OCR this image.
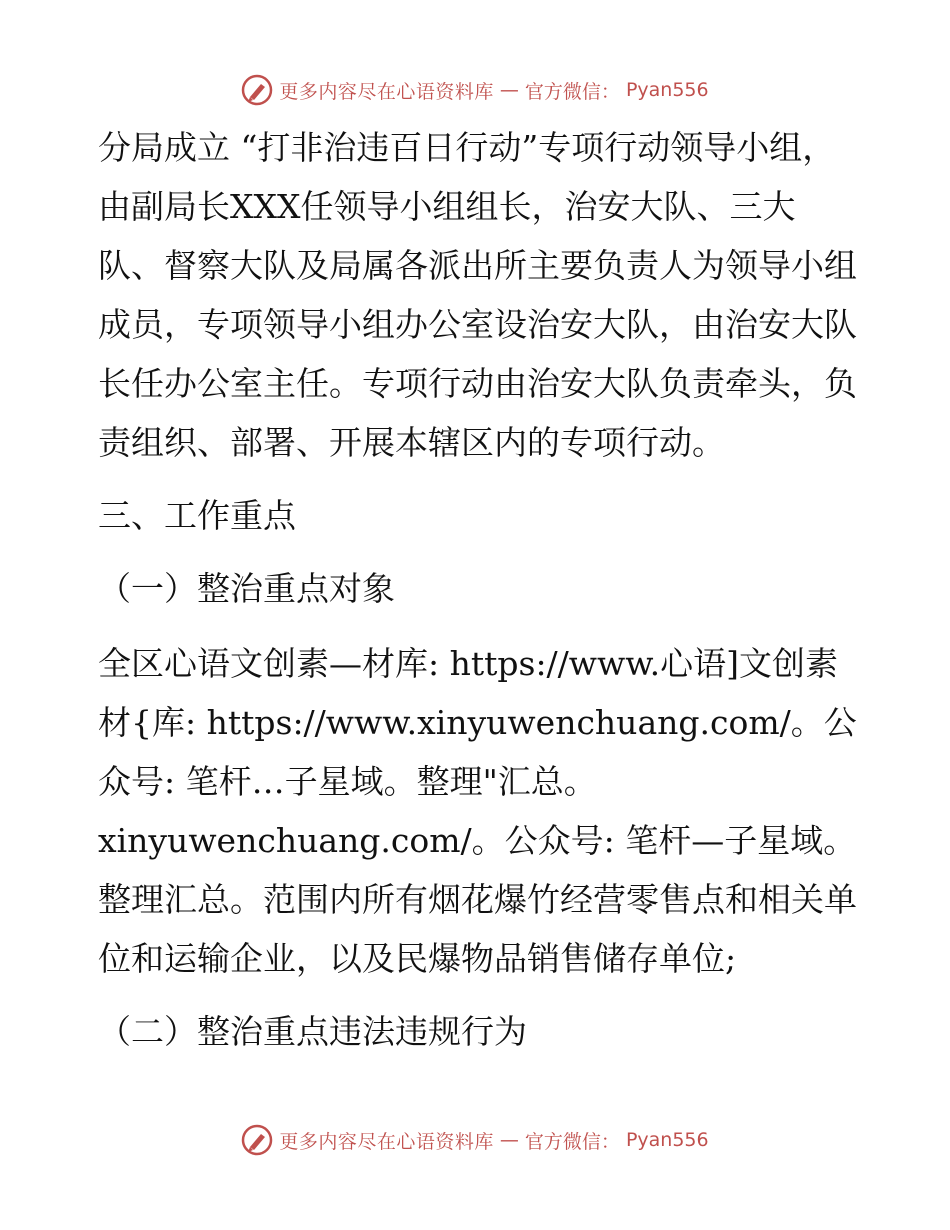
更多内容尽在心语资料库 — 官方微信： Pyan556

分局成立 “打非治违百日行动”专项行动领导小组，由副局长XXX任领导小组组长，治安大队、三大队、督察大队及局属各派出所主要负责人为领导小组成员，专项领导小组办公室设治安大队，由治安大队长任办公室主任。专项行动由治安大队负责牵头，负责组织、部署、开展本辖区内的专项行动。

三、工作重点

（一）整治重点对象

全区心语文创素—材库: https://www.心语]文创素材{库: https://www.xinyuwenchuang.com/。公众号: 笔杆…子星域。整理"汇总。xinyuwenchuang.com/。公众号: 笔杆—子星域。整理汇总。范围内所有烟花爆竹经营零售点和相关单位和运输企业，以及民爆物品销售储存单位;

（二）整治重点违法违规行为

更多内容尽在心语资料库 — 官方微信： Pyan556
